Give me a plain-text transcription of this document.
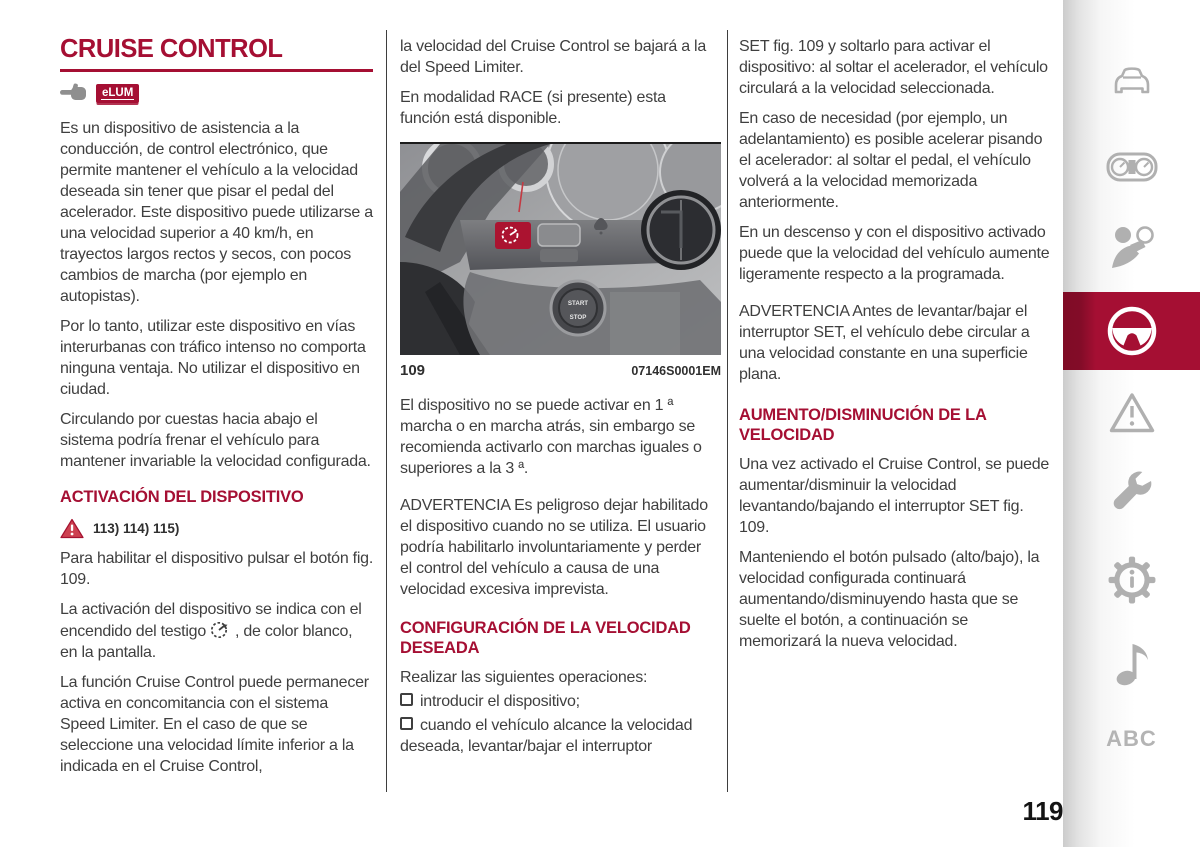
CRUISE CONTROL
eLUM

Es un dispositivo de asistencia a la conducción, de control electrónico, que permite mantener el vehículo a la velocidad deseada sin tener que pisar el pedal del acelerador. Este dispositivo puede utilizarse a una velocidad superior a 40 km/h, en trayectos largos rectos y secos, con pocos cambios de marcha (por ejemplo en autopistas).

Por lo tanto, utilizar este dispositivo en vías interurbanas con tráfico intenso no comporta ninguna ventaja. No utilizar el dispositivo en ciudad.

Circulando por cuestas hacia abajo el sistema podría frenar el vehículo para mantener invariable la velocidad configurada.

ACTIVACIÓN DEL DISPOSITIVO
113) 114) 115)

Para habilitar el dispositivo pulsar el botón fig. 109.

La activación del dispositivo se indica con el encendido del testigo , de color blanco, en la pantalla.

La función Cruise Control puede permanecer activa en concomitancia con el sistema Speed Limiter. En el caso de que se seleccione una velocidad límite inferior a la indicada en el Cruise Control,

la velocidad del Cruise Control se bajará a la del Speed Limiter.

En modalidad RACE (si presente) esta función está disponible.

START
STOP
109	07146S0001EM

El dispositivo no se puede activar en 1 ª marcha o en marcha atrás, sin embargo se recomienda activarlo con marchas iguales o superiores a la 3 ª.

ADVERTENCIA Es peligroso dejar habilitado el dispositivo cuando no se utiliza. El usuario podría habilitarlo involuntariamente y perder el control del vehículo a causa de una velocidad excesiva imprevista.

CONFIGURACIÓN DE LA VELOCIDAD DESEADA

Realizar las siguientes operaciones:

introducir el dispositivo;

cuando el vehículo alcance la velocidad deseada, levantar/bajar el interruptor

SET fig. 109 y soltarlo para activar el dispositivo: al soltar el acelerador, el vehículo circulará a la velocidad seleccionada.

En caso de necesidad (por ejemplo, un adelantamiento) es posible acelerar pisando el acelerador: al soltar el pedal, el vehículo volverá a la velocidad memorizada anteriormente.

En un descenso y con el dispositivo activado puede que la velocidad del vehículo aumente ligeramente respecto a la programada.

ADVERTENCIA Antes de levantar/bajar el interruptor SET, el vehículo debe circular a una velocidad constante en una superficie plana.

AUMENTO/DISMINUCIÓN DE LA VELOCIDAD

Una vez activado el Cruise Control, se puede aumentar/disminuir la velocidad levantando/bajando el interruptor SET fig. 109.

Manteniendo el botón pulsado (alto/bajo), la velocidad configurada continuará aumentando/disminuyendo hasta que se suelte el botón, a continuación se memorizará la nueva velocidad.

ABC
119
